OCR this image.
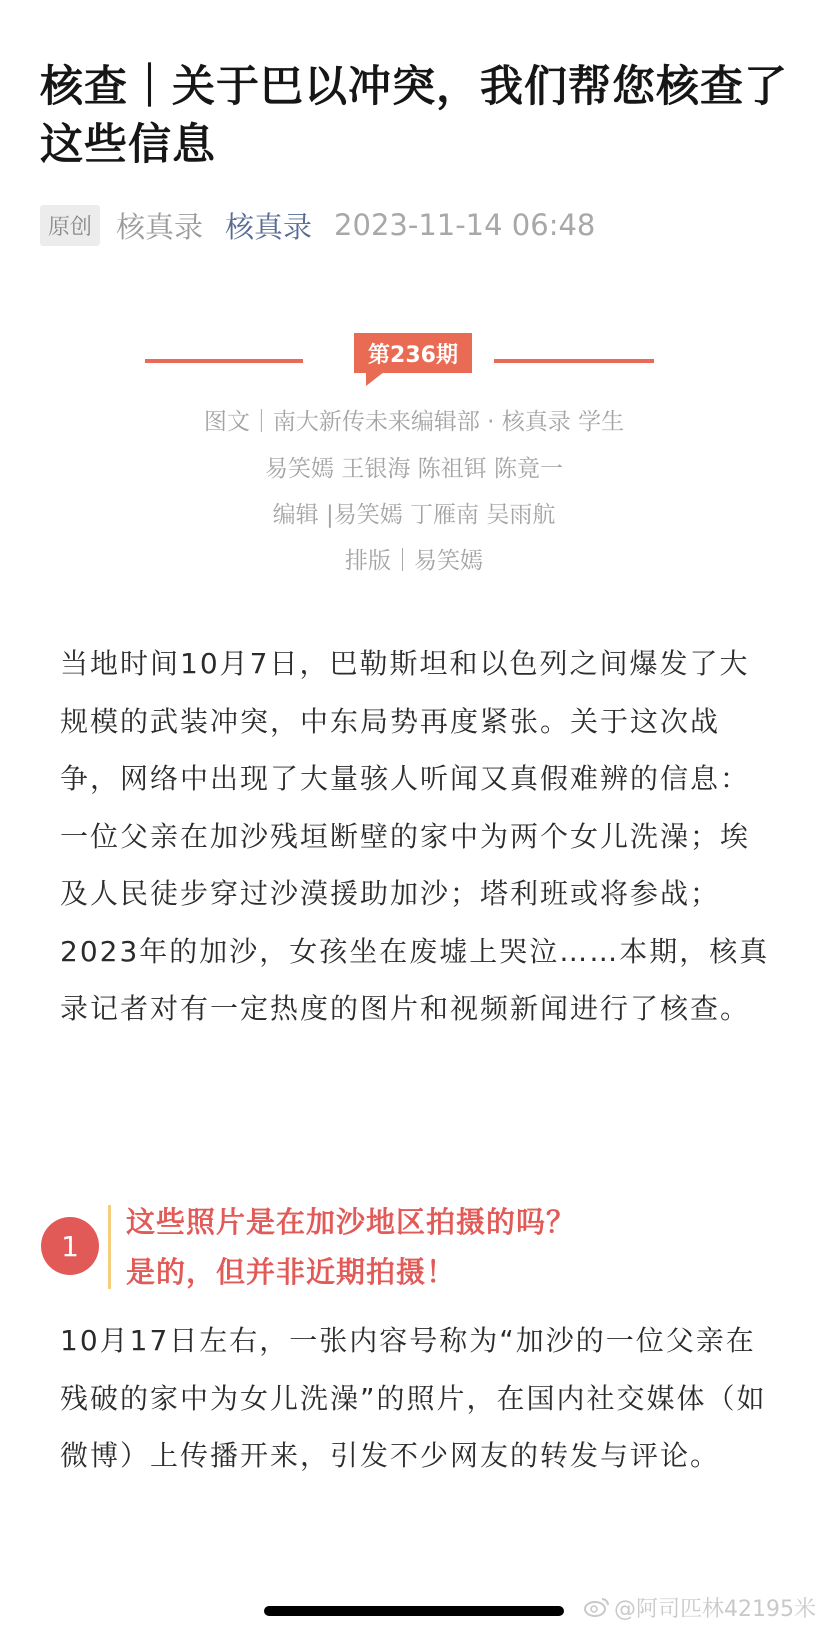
核查｜关于巴以冲突，我们帮您核查了这些信息
原创 核真录 核真录 2023-11-14 06:48
第236期
图文｜南大新传未来编辑部 · 核真录 学生
易笑嫣 王银海 陈祖铒 陈竟一
编辑 |易笑嫣 丁雁南 吴雨航
排版｜易笑嫣
当地时间10月7日，巴勒斯坦和以色列之间爆发了大规模的武装冲突，中东局势再度紧张。关于这次战争，网络中出现了大量骇人听闻又真假难辨的信息：一位父亲在加沙残垣断壁的家中为两个女儿洗澡；埃及人民徒步穿过沙漠援助加沙；塔利班或将参战；2023年的加沙，女孩坐在废墟上哭泣……本期，核真录记者对有一定热度的图片和视频新闻进行了核查。
1
这些照片是在加沙地区拍摄的吗？
是的，但并非近期拍摄！
10月17日左右，一张内容号称为“加沙的一位父亲在残破的家中为女儿洗澡”的照片，在国内社交媒体（如微博）上传播开来，引发不少网友的转发与评论。
@阿司匹林42195米
